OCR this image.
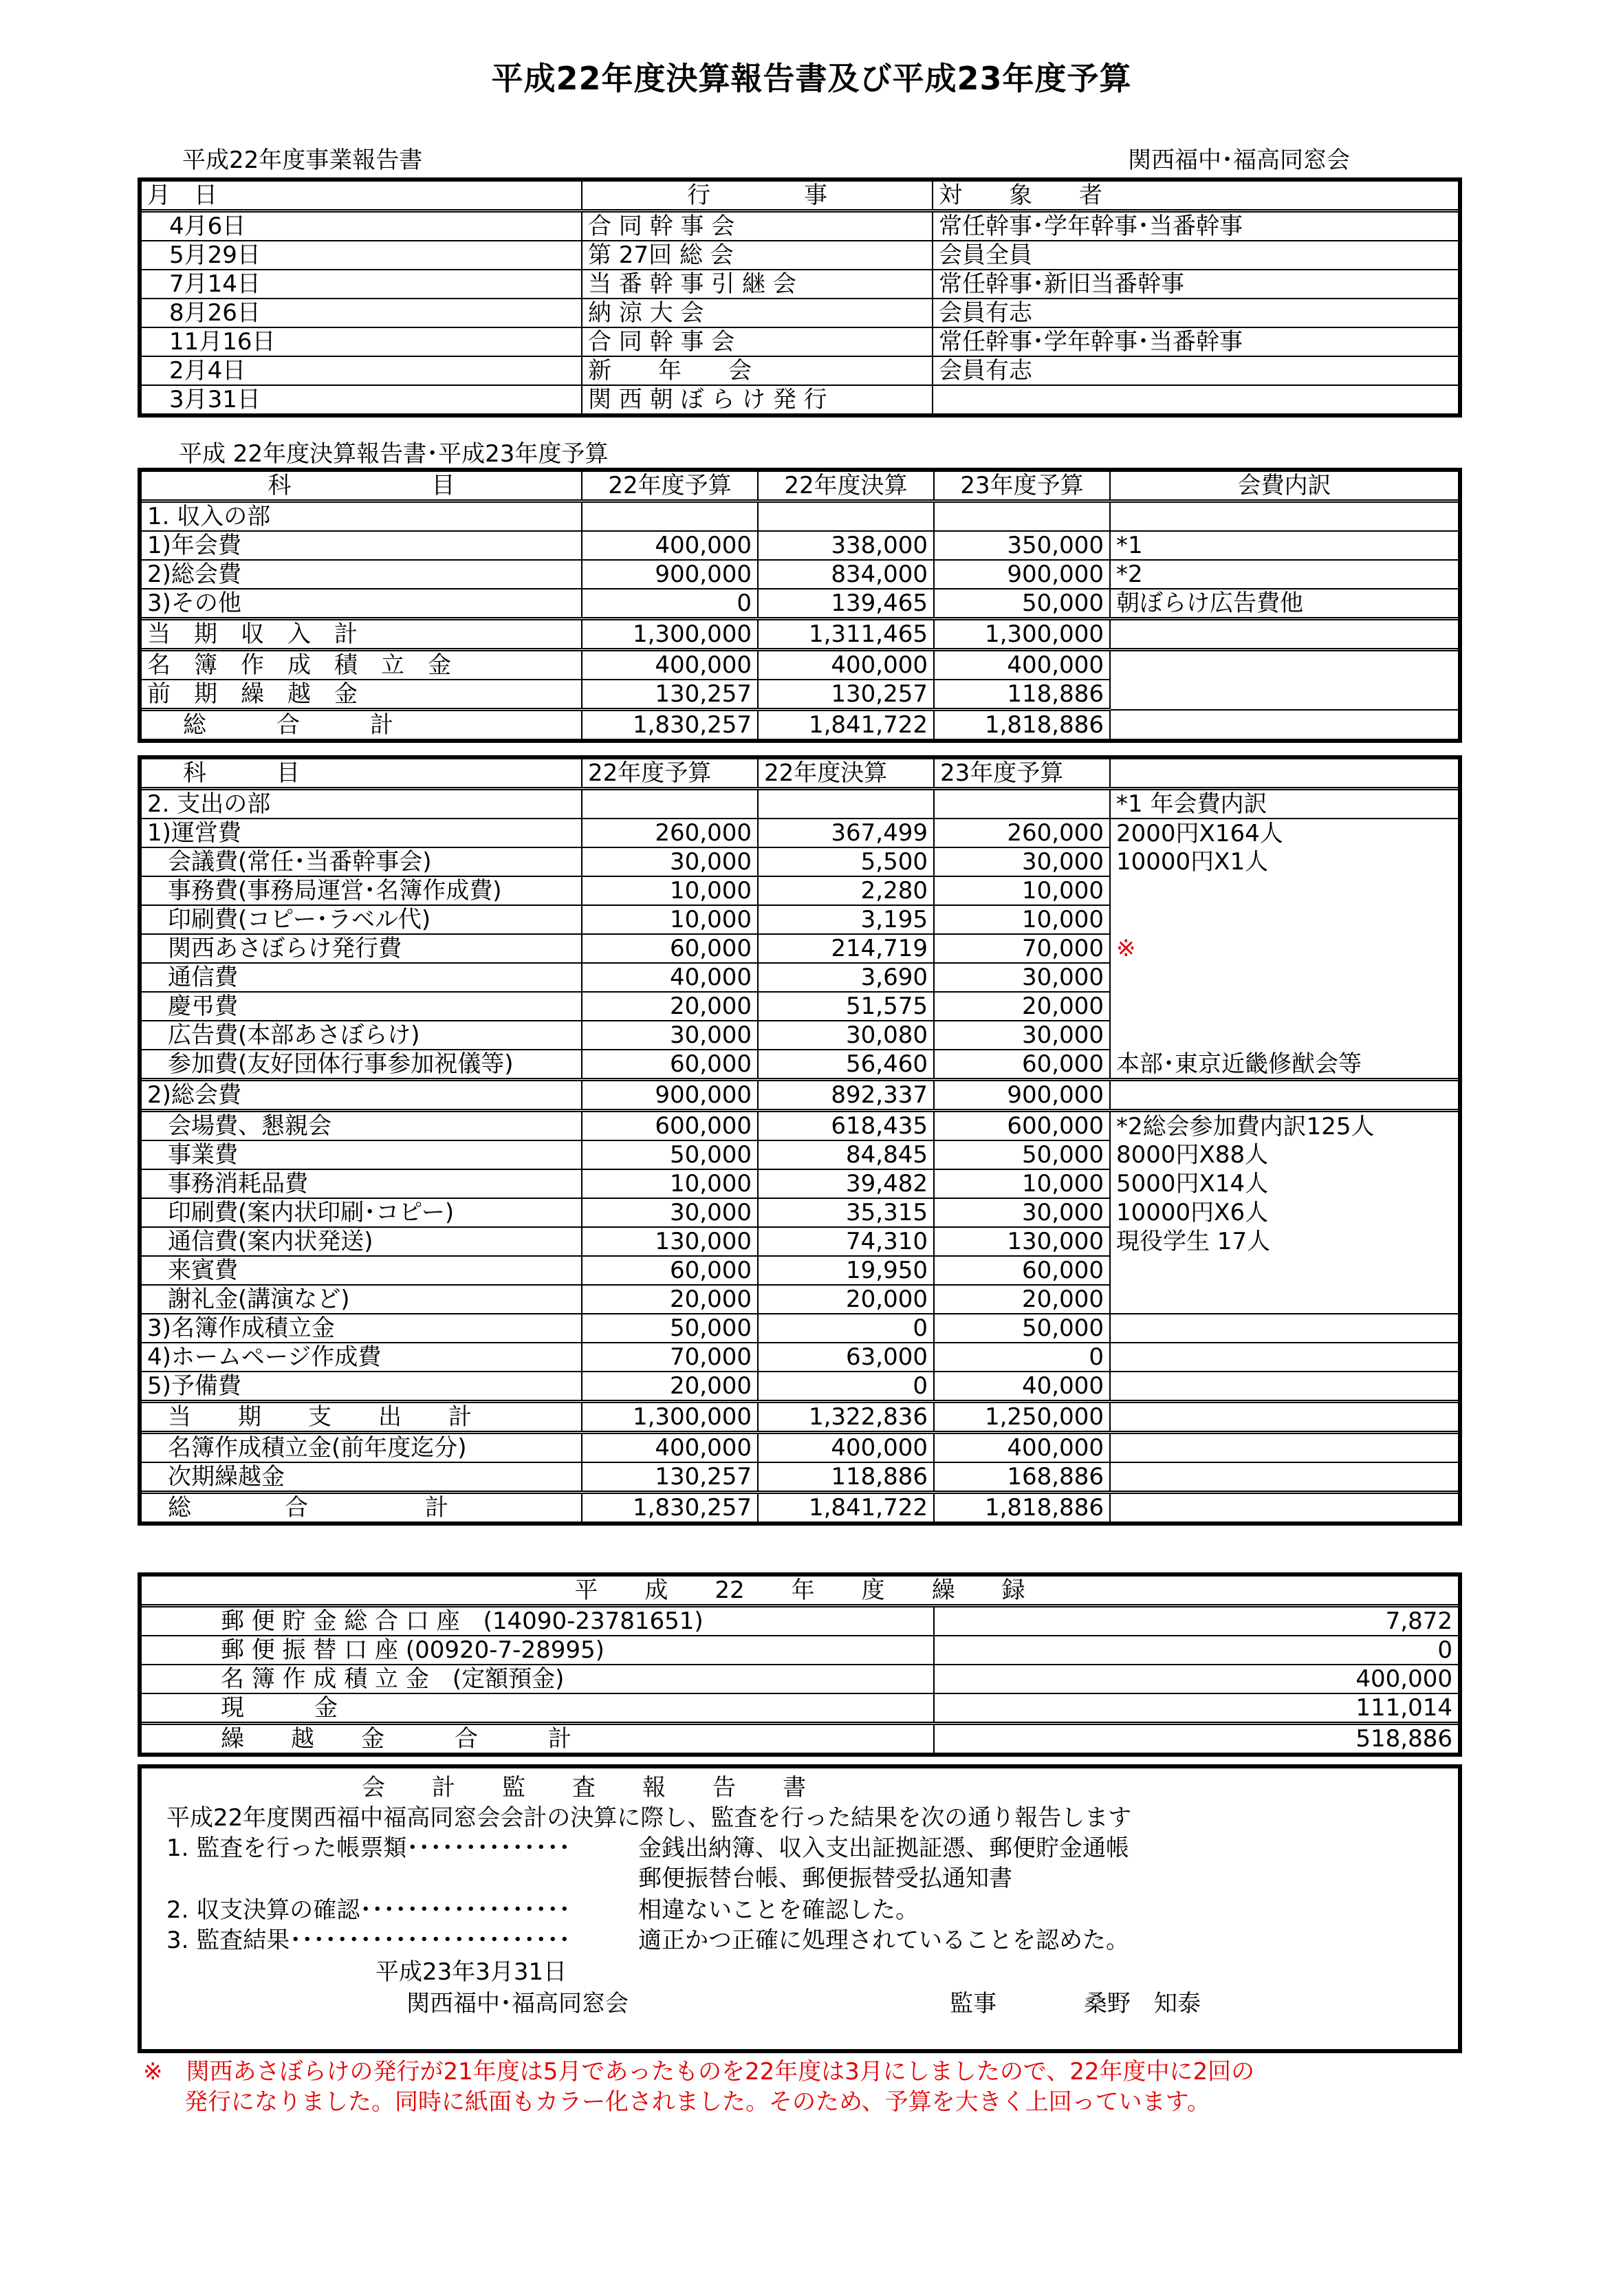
平成22年度決算報告書及び平成23年度予算
平成22年度事業報告書	関西福中･福高同窓会
月　日	行　　　　事	対　　象　　者
4月6日	合 同 幹 事 会	常任幹事･学年幹事･当番幹事
5月29日	第 27回 総 会	会員全員
7月14日	当 番 幹 事 引 継 会	常任幹事･新旧当番幹事
8月26日	納 涼 大 会	会員有志
11月16日	合 同 幹 事 会	常任幹事･学年幹事･当番幹事
2月4日	新　　年　　会	会員有志
3月31日	関 西 朝 ぼ ら け 発 行	
平成 22年度決算報告書･平成23年度予算
科　　　　　　目	22年度予算	22年度決算	23年度予算	会費内訳
1. 収入の部				
1)年会費	400,000	338,000	350,000	*1
2)総会費	900,000	834,000	900,000	*2
3)その他	0	139,465	50,000	朝ぼらけ広告費他
当　期　収　入　計	1,300,000	1,311,465	1,300,000	
名　簿　作　成　積　立　金	400,000	400,000	400,000	
前　期　繰　越　金	130,257	130,257	118,886	
総　　　合　　　計	1,830,257	1,841,722	1,818,886	
科　　　目	22年度予算	22年度決算	23年度予算	
2. 支出の部				*1 年会費内訳
1)運営費	260,000	367,499	260,000	2000円X164人
会議費(常任･当番幹事会)	30,000	5,500	30,000	10000円X1人
事務費(事務局運営･名簿作成費)	10,000	2,280	10,000	
印刷費(コピー･ラベル代)	10,000	3,195	10,000	
関西あさぼらけ発行費	60,000	214,719	70,000	※
通信費	40,000	3,690	30,000	
慶弔費	20,000	51,575	20,000	
広告費(本部あさぼらけ)	30,000	30,080	30,000	
参加費(友好団体行事参加祝儀等)	60,000	56,460	60,000	本部･東京近畿修猷会等
2)総会費	900,000	892,337	900,000	
会場費、懇親会	600,000	618,435	600,000	*2総会参加費内訳125人
事業費	50,000	84,845	50,000	8000円X88人
事務消耗品費	10,000	39,482	10,000	5000円X14人
印刷費(案内状印刷･コピー)	30,000	35,315	30,000	10000円X6人
通信費(案内状発送)	130,000	74,310	130,000	現役学生 17人
来賓費	60,000	19,950	60,000	
謝礼金(講演など)	20,000	20,000	20,000	
3)名簿作成積立金	50,000	0	50,000	
4)ホームページ作成費	70,000	63,000	0	
5)予備費	20,000	0	40,000	
当　　期　　支　　出　　計	1,300,000	1,322,836	1,250,000	
名簿作成積立金(前年度迄分)	400,000	400,000	400,000	
次期繰越金	130,257	118,886	168,886	
総　　　　合　　　　　計	1,830,257	1,841,722	1,818,886	
平　　成　　22　　年　　度　　繰　　録	
郵 便 貯 金 総 合 口 座　(14090-23781651)	7,872
郵 便 振 替 口 座 (00920-7-28995)	0
名 簿 作 成 積 立 金　(定額預金)	400,000
現　　　金	111,014
繰　　越　　金　　　合　　　計	518,886
会　　計　　監　　査　　報　　告　　書
平成22年度関西福中福高同窓会会計の決算に際し、監査を行った結果を次の通り報告します
1. 監査を行った帳票類･･････････････	金銭出納簿、収入支出証拠証憑、郵便貯金通帳
郵便振替台帳、郵便振替受払通知書
2. 収支決算の確認･･････････････････	相違ないことを確認した。
3. 監査結果････････････････････････	適正かつ正確に処理されていることを認めた。
平成23年3月31日
関西福中･福高同窓会	監事	桑野　知泰
※　関西あさぼらけの発行が21年度は5月であったものを22年度は3月にしましたので、22年度中に2回の
発行になりました。同時に紙面もカラー化されました。そのため、予算を大きく上回っています。
